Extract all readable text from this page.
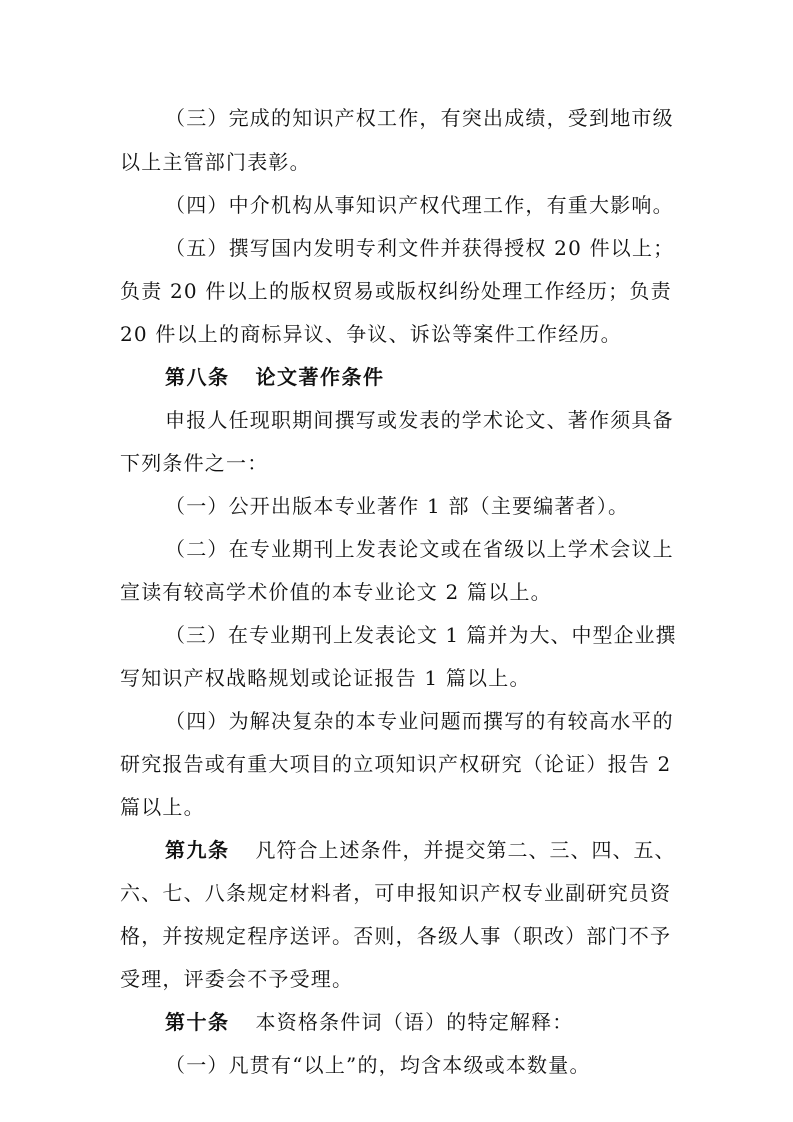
（三）完成的知识产权工作，有突出成绩，受到地市级
以上主管部门表彰。
（四）中介机构从事知识产权代理工作，有重大影响。
（五）撰写国内发明专利文件并获得授权 20 件以上；
负责 20 件以上的版权贸易或版权纠纷处理工作经历；负责
20 件以上的商标异议、争议、诉讼等案件工作经历。
第八条 论文著作条件
申报人任现职期间撰写或发表的学术论文、著作须具备
下列条件之一：
（一）公开出版本专业著作 1 部（主要编著者）。
（二）在专业期刊上发表论文或在省级以上学术会议上
宣读有较高学术价值的本专业论文 2 篇以上。
（三）在专业期刊上发表论文 1 篇并为大、中型企业撰
写知识产权战略规划或论证报告 1 篇以上。
（四）为解决复杂的本专业问题而撰写的有较高水平的
研究报告或有重大项目的立项知识产权研究（论证）报告 2
篇以上。
第九条 凡符合上述条件，并提交第二、三、四、五、
六、七、八条规定材料者，可申报知识产权专业副研究员资
格，并按规定程序送评。否则，各级人事（职改）部门不予
受理，评委会不予受理。
第十条 本资格条件词（语）的特定解释：
（一）凡贯有“以上”的，均含本级或本数量。
